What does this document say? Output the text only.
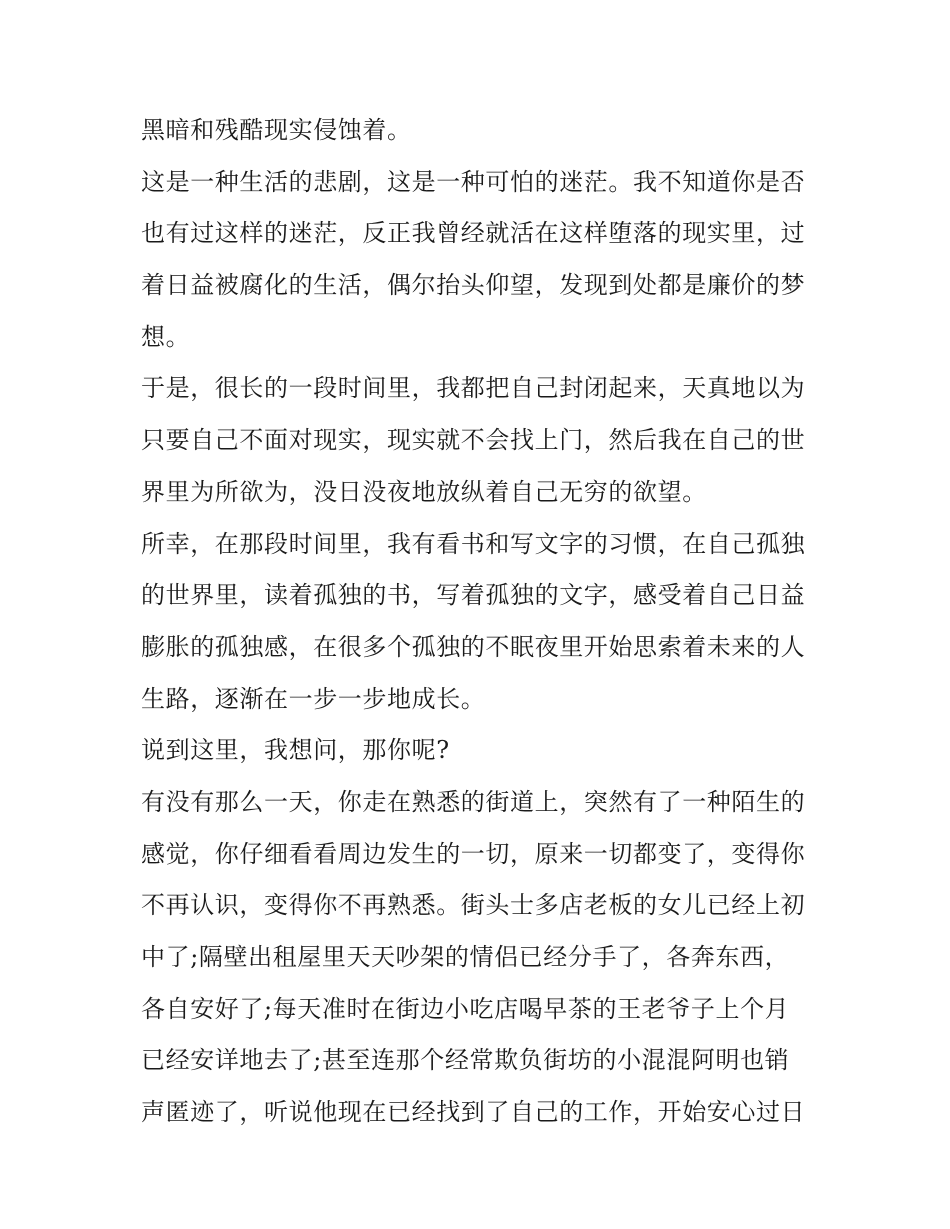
黑暗和残酷现实侵蚀着。
这是一种生活的悲剧，这是一种可怕的迷茫。我不知道你是否
也有过这样的迷茫，反正我曾经就活在这样堕落的现实里，过
着日益被腐化的生活，偶尔抬头仰望，发现到处都是廉价的梦
想。
于是，很长的一段时间里，我都把自己封闭起来，天真地以为
只要自己不面对现实，现实就不会找上门，然后我在自己的世
界里为所欲为，没日没夜地放纵着自己无穷的欲望。
所幸，在那段时间里，我有看书和写文字的习惯，在自己孤独
的世界里，读着孤独的书，写着孤独的文字，感受着自己日益
膨胀的孤独感，在很多个孤独的不眠夜里开始思索着未来的人
生路，逐渐在一步一步地成长。
说到这里，我想问，那你呢?
有没有那么一天，你走在熟悉的街道上，突然有了一种陌生的
感觉，你仔细看看周边发生的一切，原来一切都变了，变得你
不再认识，变得你不再熟悉。街头士多店老板的女儿已经上初
中了;隔壁出租屋里天天吵架的情侣已经分手了，各奔东西，
各自安好了;每天准时在街边小吃店喝早茶的王老爷子上个月
已经安详地去了;甚至连那个经常欺负街坊的小混混阿明也销
声匿迹了，听说他现在已经找到了自己的工作，开始安心过日
